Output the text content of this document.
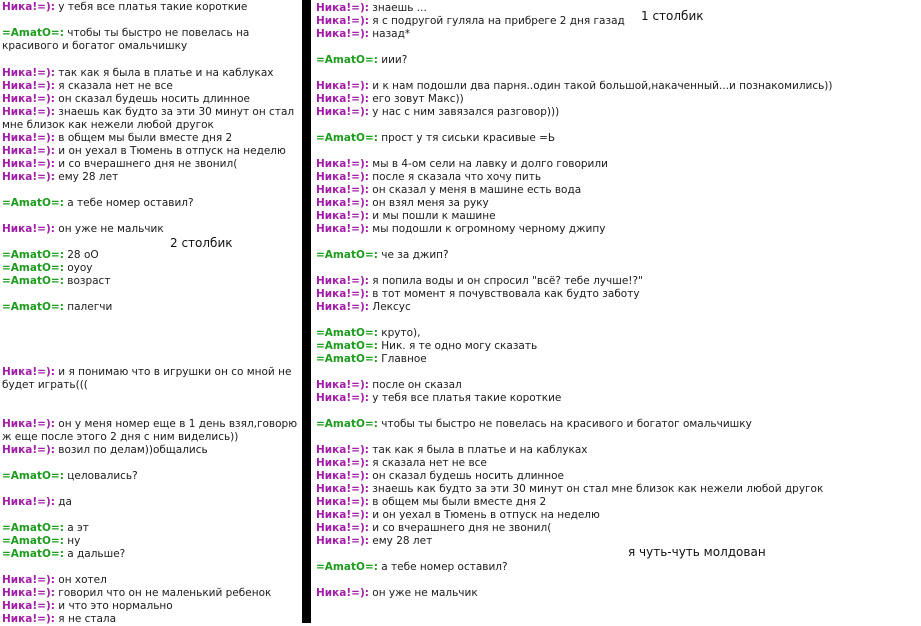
Ника!=): у тебя все платья такие короткие
=AmatO=: чтобы ты быстро не повелась на красивого и богатог омальчишку
Ника!=): так как я была в платье и на каблуках
Ника!=): я сказала нет не все
Ника!=): он сказал будешь носить длинное
Ника!=): знаешь как будто за эти 30 минут он стал мне близок как нежели любой другок
Ника!=): в общем мы были вместе дня 2
Ника!=): и он уехал в Тюмень в отпуск на неделю
Ника!=): и со вчерашнего дня не звонил(
Ника!=): ему 28 лет
=AmatO=: а тебе номер оставил?
Ника!=): он уже не мальчик
=AmatO=: 28 оО
=AmatO=: оуоу
=AmatO=: возраст
=AmatO=: палегчи
Ника!=): и я понимаю что в игрушки он со мной не будет играть(((
Ника!=): он у меня номер еще в 1 день взял,говорю ж еще после этого 2 дня с ним виделись))
Ника!=): возил по делам))общались
=AmatO=: целовались?
Ника!=): да
=AmatO=: а эт
=AmatO=: ну
=AmatO=: а дальше?
Ника!=): он хотел
Ника!=): говорил что он не маленький ребенок
Ника!=): и что это нормально
Ника!=): я не стала
Ника!=): знаешь ...
Ника!=): я с подругой гуляла на прибреге 2 дня газад
Ника!=): назад*
=AmatO=: иии?
Ника!=): и к нам подошли два парня..один такой большой,накаченный...и познакомились))
Ника!=): его зовут Макс))
Ника!=): у нас с ним завязался разговор)))
=AmatO=: прост у тя сиськи красивые =Ь
Ника!=): мы в 4-ом сели на лавку и долго говорили
Ника!=): после я сказала что хочу пить
Ника!=): он сказал у меня в машине есть вода
Ника!=): он взял меня за руку
Ника!=): и мы пошли к машине
Ника!=): мы подошли к огромному черному джипу
=AmatO=: че за джип?
Ника!=): я попила воды и он спросил "всё? тебе лучше!?"
Ника!=): в тот момент я почувствовала как будто заботу
Ника!=): Лексус
=AmatO=: круто),
=AmatO=: Ник. я те одно могу сказать
=AmatO=: Главное
Ника!=): после он сказал
Ника!=): у тебя все платья такие короткие
=AmatO=: чтобы ты быстро не повелась на красивого и богатог омальчишку
Ника!=): так как я была в платье и на каблуках
Ника!=): я сказала нет не все
Ника!=): он сказал будешь носить длинное
Ника!=): знаешь как будто за эти 30 минут он стал мне близок как нежели любой другок
Ника!=): в общем мы были вместе дня 2
Ника!=): и он уехал в Тюмень в отпуск на неделю
Ника!=): и со вчерашнего дня не звонил(
Ника!=): ему 28 лет
=AmatO=: а тебе номер оставил?
Ника!=): он уже не мальчик
1 столбик
2 столбик
я чуть-чуть молдован
